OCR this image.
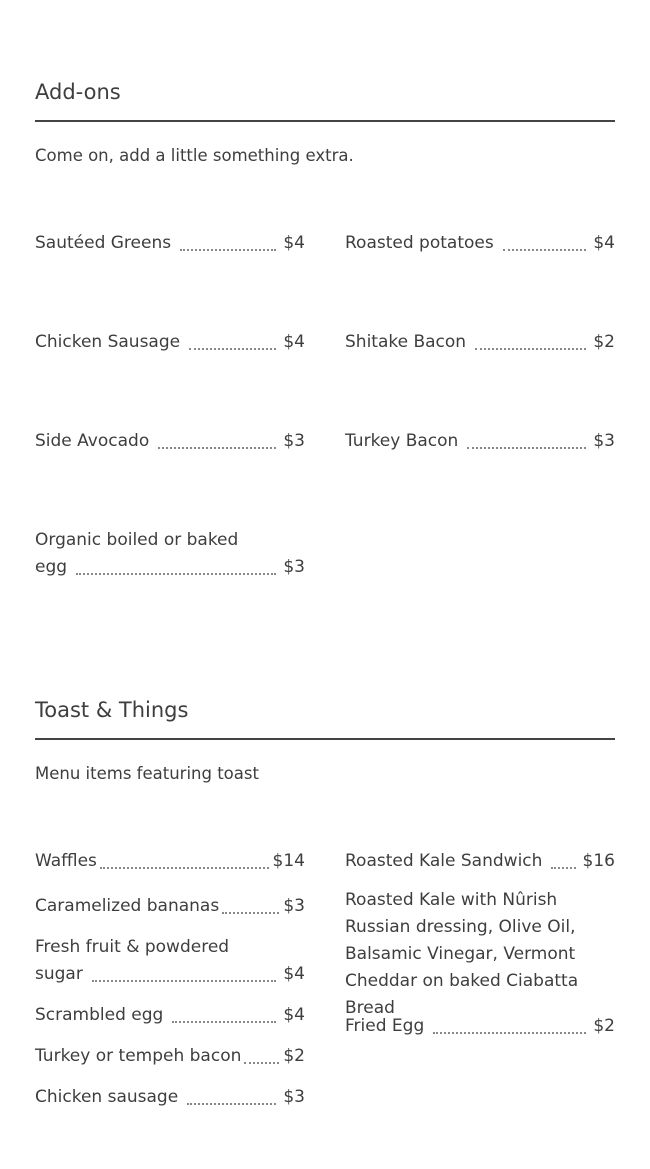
Add-ons
Come on, add a little something extra.
Sautéed Greens	$4 Roasted potatoes	$4
Chicken Sausage	$4 Shitake Bacon	$2
Side Avocado	$3 Turkey Bacon	$3
Organic boiled or baked
egg	$3
Toast & Things
Menu items featuring toast
Waffles	$14 Roasted Kale Sandwich $16
Roasted Kale with Nûrish Russian dressing, Olive Oil, Balsamic Vinegar, Vermont Cheddar on baked Ciabatta Bread
Caramelized bananas	$3
Fresh fruit & powdered
sugar	$4
Fried Egg	$2
Scrambled egg	$4
Turkey or tempeh bacon $2
Chicken sausage	$3
